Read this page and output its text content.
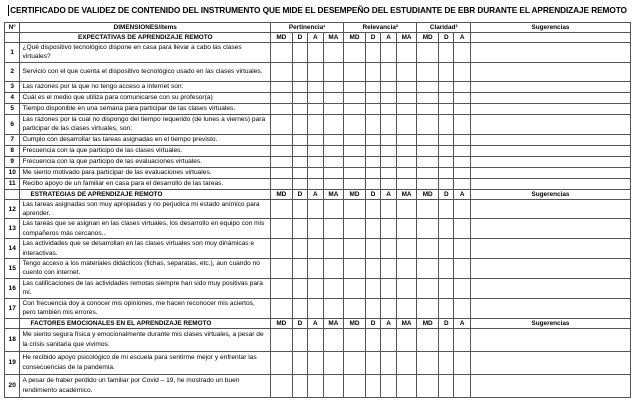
CERTIFICADO DE VALIDEZ DE CONTENIDO DEL INSTRUMENTO QUE MIDE EL DESEMPEÑO DEL ESTUDIANTE DE EBR DURANTE EL APRENDIZAJE REMOTO
N°	DIMENSIONES/ítems	Pertinencia¹				Relevancia²				Claridad³			Sugerencias
	EXPECTATIVAS DE APRENDIZAJE REMOTO	MD	D	A	MA	MD	D	A	MA	MD	D	A	
1	¿Qué dispositivo tecnológico dispone en casa para llevar a cabo las clases virtuales?												
2	Servicio con el que cuenta el dispositivo tecnológico usado en las clases virtuales.												
3	Las razones por la que no tengo acceso a internet son:												
4	Cuál es el medio que utiliza para comunicarse con su profesor(a)												
5	Tiempo disponible en una semana para participar de las clases virtuales.												
6	Las razones por la cual no dispongo del tiempo requerido (de lunes a viernes) para participar de las clases virtuales, son:												
7	Cumplo con desarrollar las tareas asignadas en el tiempo previsto.												
8	Frecuencia con la que participo de las clases virtuales.												
9	Frecuencia con la que participo de las evaluaciones virtuales.												
10	Me siento motivado para participar de las evaluaciones virtuales.												
11	Recibo apoyo de un familiar en casa para el desarrollo de las tareas.												
	ESTRATEGIAS DE APRENDIZAJE REMOTO	MD	D	A	MA	MD	D	A	MA	MD	D	A	Sugerencias
12	Las tareas asignadas son muy apropiadas y no perjudica mi estado anímico para aprender.												
13	Las tareas que se asignan en las clases virtuales, los desarrollo en equipo con mis compañeros más cercanos..												
14	Las actividades que se desarrollan en las clases virtuales son muy dinámicas e interactivas.												
15	Tengo acceso a los materiales didácticos (fichas, separatas, etc.), aun cuando no cuento con internet.												
16	Las calificaciones de las actividades remotas siempre han sido muy positivas para mí.												
17	Con frecuencia doy a conocer mis opiniones, me hacen reconocer mis aciertos, pero también mis errores.												
	FACTORES EMOCIONALES EN EL APRENDIZAJE REMOTO	MD	D	A	MA	MD	D	A	MA	MD	D	A	Sugerencias
18	Me siento segura física y emocionalmente durante mis clases virtuales, a pesar de la crisis sanitaria que vivimos.												
19	He recibido apoyo psicológico de mi escuela para sentirme mejor y enfrentar las consecuencias de la pandemia.												
20	A pesar de haber perdido un familiar por Covid – 19, he mostrado un buen rendimiento académico.												
